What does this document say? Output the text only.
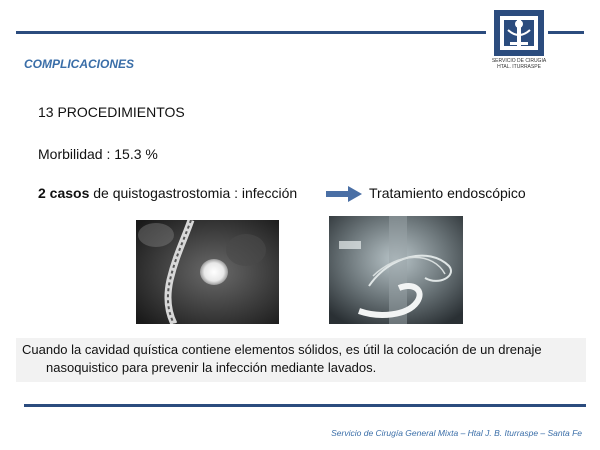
SERVICIO DE CIRUGIA
HTAL. ITURRASPE
COMPLICACIONES
13 PROCEDIMIENTOS
Morbilidad : 15.3 %
2 casos de quistogastrostomia : infección	Tratamiento endoscópico
Cuando la cavidad quística contiene elementos sólidos, es útil la colocación de un drenaje
nasoquistico para prevenir la infección mediante lavados.
Servicio de Cirugía General Mixta – Htal J. B. Iturraspe – Santa Fe
